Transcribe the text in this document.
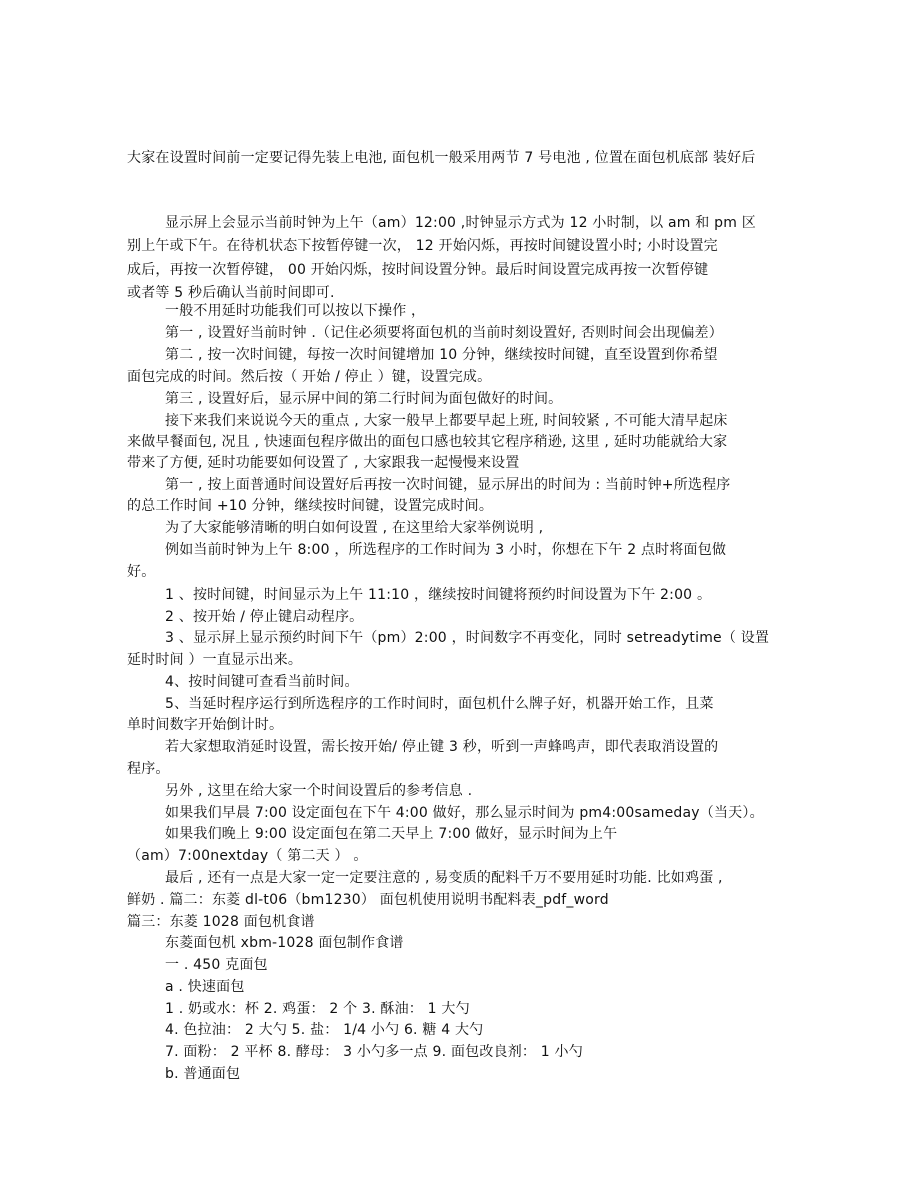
大家在设置时间前一定要记得先装上电池, 面包机一般采用两节 7 号电池 , 位置在面包机底部 装好后
显示屏上会显示当前时钟为上午（am）12:00 ,时钟显示方式为 12 小时制，以 am 和 pm 区
别上午或下午。在待机状态下按暂停键一次， 12 开始闪烁，再按时间键设置小时; 小时设置完
成后，再按一次暂停键， 00 开始闪烁，按时间设置分钟。最后时间设置完成再按一次暂停键
或者等 5 秒后确认当前时间即可.
一般不用延时功能我们可以按以下操作 ，
第一 , 设置好当前时钟 .（记住必须要将面包机的当前时刻设置好, 否则时间会出现偏差）
第二 , 按一次时间键，每按一次时间键增加 10 分钟，继续按时间键，直至设置到你希望
面包完成的时间。然后按（ 开始 / 停止 ）键，设置完成。
第三 , 设置好后，显示屏中间的第二行时间为面包做好的时间。
接下来我们来说说今天的重点 , 大家一般早上都要早起上班, 时间较紧 , 不可能大清早起床
来做早餐面包, 况且 , 快速面包程序做出的面包口感也较其它程序稍逊, 这里 , 延时功能就给大家
带来了方便, 延时功能要如何设置了 , 大家跟我一起慢慢来设置
第一 , 按上面普通时间设置好后再按一次时间键，显示屏出的时间为 : 当前时钟+所选程序
的总工作时间 +10 分钟，继续按时间键，设置完成时间。
为了大家能够清晰的明白如何设置 , 在这里给大家举例说明 ,
例如当前时钟为上午 8:00 ，所选程序的工作时间为 3 小时，你想在下午 2 点时将面包做
好。
1 、按时间键，时间显示为上午 11:10 ，继续按时间键将预约时间设置为下午 2:00 。
2 、按开始 / 停止键启动程序。
3 、显示屏上显示预约时间下午（pm）2:00 ，时间数字不再变化，同时 setreadytime（ 设置
延时时间 ）一直显示出来。
4、按时间键可查看当前时间。
5、当延时程序运行到所选程序的工作时间时，面包机什么牌子好，机器开始工作，且菜
单时间数字开始倒计时。
若大家想取消延时设置，需长按开始/ 停止键 3 秒，听到一声蜂鸣声，即代表取消设置的
程序。
另外 , 这里在给大家一个时间设置后的参考信息 .
如果我们早晨 7:00 设定面包在下午 4:00 做好，那么显示时间为 pm4:00sameday（当天）。
如果我们晚上 9:00 设定面包在第二天早上 7:00 做好，显示时间为上午
（am）7:00nextday（ 第二天 ） 。
最后 , 还有一点是大家一定一定要注意的 , 易变质的配料千万不要用延时功能. 比如鸡蛋 ,
鲜奶 . 篇二：东菱 dl-t06（bm1230） 面包机使用说明书配料表_pdf_word
篇三：东菱 1028 面包机食谱
东菱面包机 xbm-1028 面包制作食谱
一 . 450 克面包
a . 快速面包
1 . 奶或水：杯 2. 鸡蛋： 2 个 3. 酥油： 1 大勺
4. 色拉油： 2 大勺 5. 盐： 1/4 小勺 6. 糖 4 大勺
7. 面粉： 2 平杯 8. 酵母： 3 小勺多一点 9. 面包改良剂： 1 小勺
b. 普通面包
